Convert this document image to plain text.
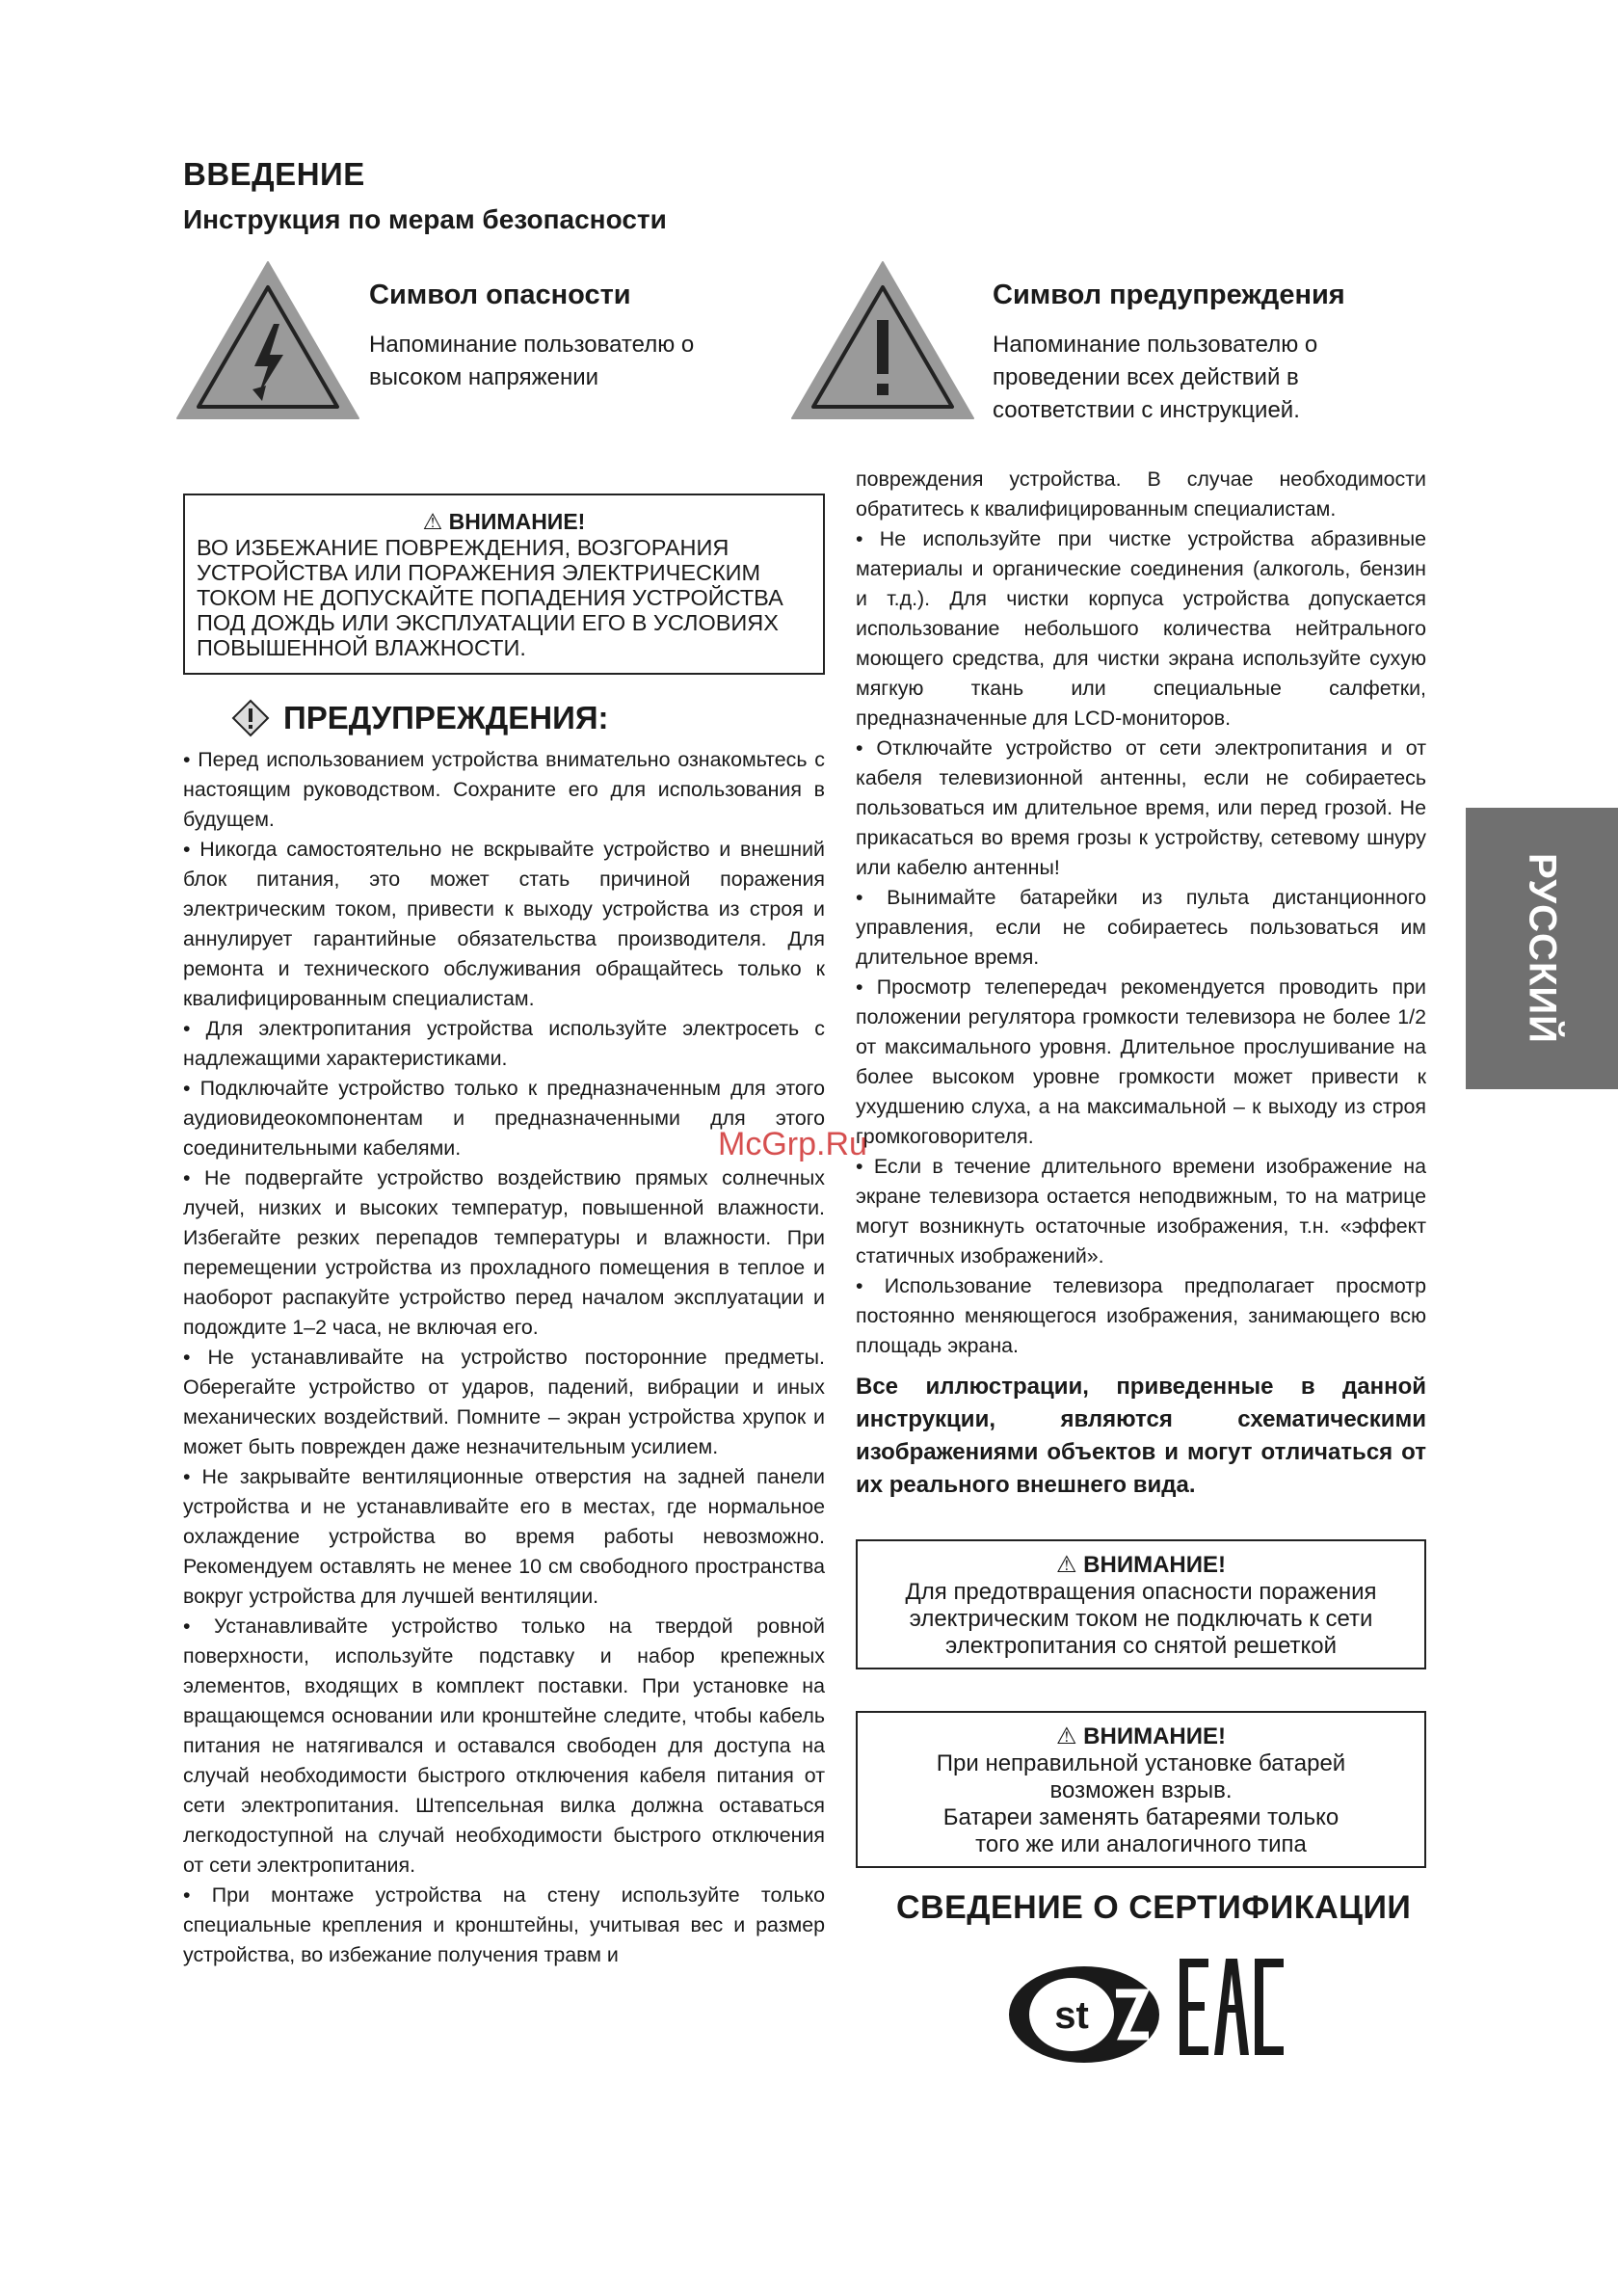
ВВЕДЕНИЕ
Инструкция по мерам безопасности
Символ опасности
Напоминание пользователю о
высоком напряжении
Символ предупреждения
Напоминание пользователю о
проведении всех действий в
соответствии с инструкцией.
⚠ ВНИМАНИЕ!
ВО ИЗБЕЖАНИЕ ПОВРЕЖДЕНИЯ, ВОЗГОРАНИЯ
УСТРОЙСТВА ИЛИ ПОРАЖЕНИЯ ЭЛЕКТРИЧЕСКИМ
ТОКОМ НЕ ДОПУСКАЙТЕ ПОПАДЕНИЯ УСТРОЙСТВА
ПОД ДОЖДЬ ИЛИ ЭКСПЛУАТАЦИИ ЕГО В УСЛОВИЯХ
ПОВЫШЕННОЙ ВЛАЖНОСТИ.
ПРЕДУПРЕЖДЕНИЯ:

• Перед использованием устройства внимательно ознакомьтесь с настоящим руководством. Сохраните его для использования в будущем.

• Никогда самостоятельно не вскрывайте устройство и внешний блок питания, это может стать причиной поражения электрическим током, привести к выходу устройства из строя и аннулирует гарантийные обязательства производителя. Для ремонта и технического обслуживания обращайтесь только к квалифицированным специалистам.

• Для электропитания устройства используйте электросеть с надлежащими характеристиками.

• Подключайте устройство только к предназначенным для этого аудиовидеокомпонентам и предназначенными для этого соединительными кабелями.

• Не подвергайте устройство воздействию прямых солнечных лучей, низких и высоких температур, повышенной влажности. Избегайте резких перепадов температуры и влажности. При перемещении устройства из прохладного помещения в теплое и наоборот распакуйте устройство перед началом эксплуатации и подождите 1–2 часа, не включая его.

• Не устанавливайте на устройство посторонние предметы. Оберегайте устройство от ударов, падений, вибрации и иных механических воздействий. Помните – экран устройства хрупок и может быть поврежден даже незначительным усилием.

• Не закрывайте вентиляционные отверстия на задней панели устройства и не устанавливайте его в местах, где нормальное охлаждение устройства во время работы невозможно. Рекомендуем оставлять не менее 10 см свободного пространства вокруг устройства для лучшей вентиляции.

• Устанавливайте устройство только на твердой ровной поверхности, используйте подставку и набор крепежных элементов, входящих в комплект поставки. При установке на вращающемся основании или кронштейне следите, чтобы кабель питания не натягивался и оставался свободен для доступа на случай необходимости быстрого отключения кабеля питания от сети электропитания. Штепсельная вилка должна оставаться легкодоступной на случай необходимости быстрого отключения от сети электропитания.

• При монтаже устройства на стену используйте только специальные крепления и кронштейны, учитывая вес и размер устройства, во избежание получения травм и

повреждения устройства. В случае необходимости обратитесь к квалифицированным специалистам.

• Не используйте при чистке устройства абразивные материалы и органические соединения (алкоголь, бензин и т.д.). Для чистки корпуса устройства допускается использование небольшого количества нейтрального моющего средства, для чистки экрана используйте сухую мягкую ткань или специальные салфетки, предназначенные для LCD-мониторов.

• Отключайте устройство от сети электропитания и от кабеля телевизионной антенны, если не собираетесь пользоваться им длительное время, или перед грозой. Не прикасаться во время грозы к устройству, сетевому шнуру или кабелю антенны!

• Вынимайте батарейки из пульта дистанционного управления, если не собираетесь пользоваться им длительное время.

• Просмотр телепередач рекомендуется проводить при положении регулятора громкости телевизора не более 1/2 от максимального уровня. Длительное прослушивание на более высоком уровне громкости может привести к ухудшению слуха, а на максимальной – к выходу из строя громкоговорителя.

• Если в течение длительного времени изображение на экране телевизора остается неподвижным, то на матрице могут возникнуть остаточные изображения, т.н. «эффект статичных изображений».

• Использование телевизора предполагает просмотр постоянно меняющегося изображения, занимающего всю площадь экрана.

Все иллюстрации, приведенные в данной инструкции, являются схематическими изображениями объектов и могут отличаться от их реального внешнего вида.

⚠ ВНИМАНИЕ!
Для предотвращения опасности поражения
электрическим током не подключать к сети
электропитания со снятой решеткой
⚠ ВНИМАНИЕ!
При неправильной установке батарей
возможен взрыв.
Батареи заменять батареями только
того же или аналогичного типа
СВЕДЕНИЕ О СЕРТИФИКАЦИИ
st
РУССКИЙ
McGrp.Ru
